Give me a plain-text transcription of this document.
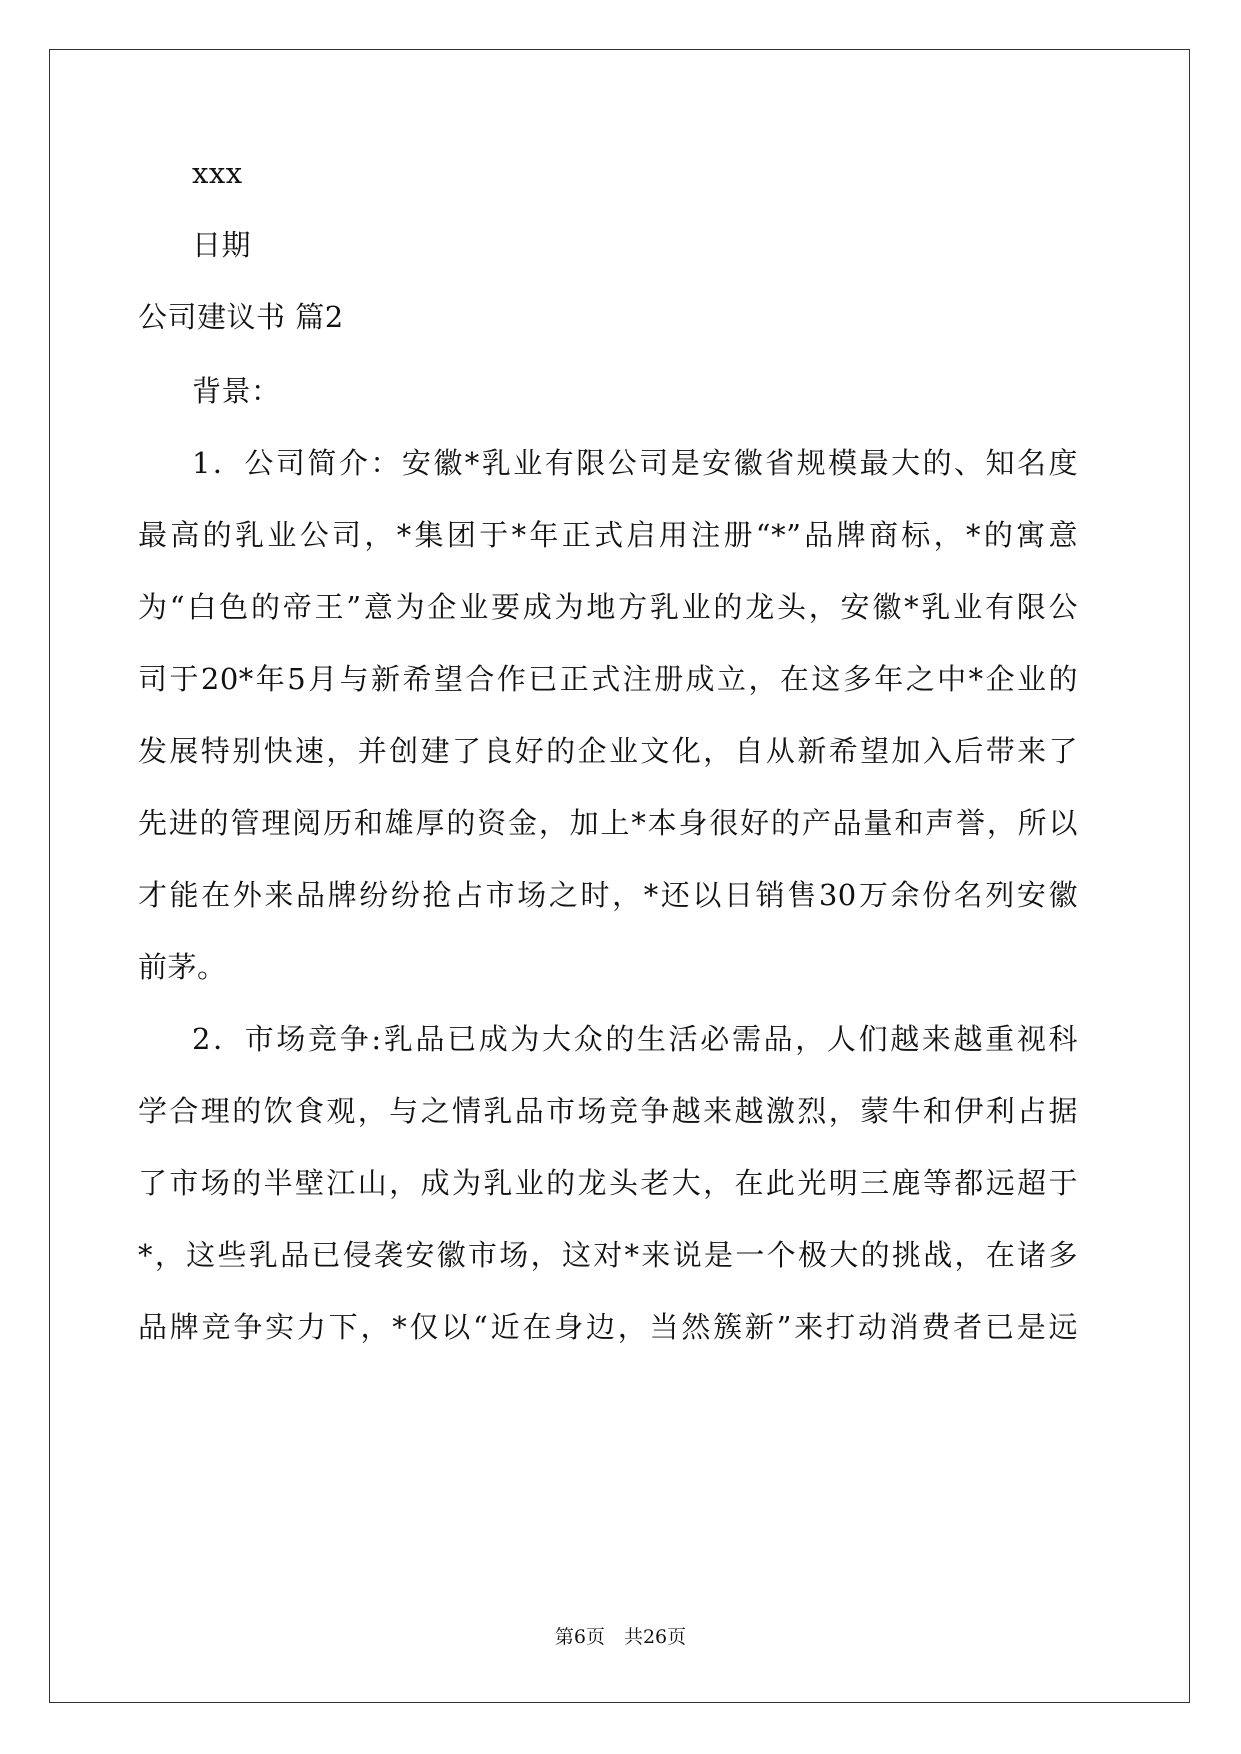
xxx
日期
公司建议书 篇2
背景：
1．公司简介：安徽*乳业有限公司是安徽省规模最大的、知名度
最高的乳业公司，*集团于*年正式启用注册“*”品牌商标，*的寓意
为“白色的帝王”意为企业要成为地方乳业的龙头，安徽*乳业有限公
司于20*年5月与新希望合作已正式注册成立，在这多年之中*企业的
发展特别快速，并创建了良好的企业文化，自从新希望加入后带来了
先进的管理阅历和雄厚的资金，加上*本身很好的产品量和声誉，所以
才能在外来品牌纷纷抢占市场之时，*还以日销售30万余份名列安徽
前茅。
2．市场竞争:乳品已成为大众的生活必需品，人们越来越重视科
学合理的饮食观，与之情乳品市场竞争越来越激烈，蒙牛和伊利占据
了市场的半壁江山，成为乳业的龙头老大，在此光明三鹿等都远超于
*，这些乳品已侵袭安徽市场，这对*来说是一个极大的挑战，在诸多
品牌竞争实力下，*仅以“近在身边，当然簇新”来打动消费者已是远
第6页　共26页
